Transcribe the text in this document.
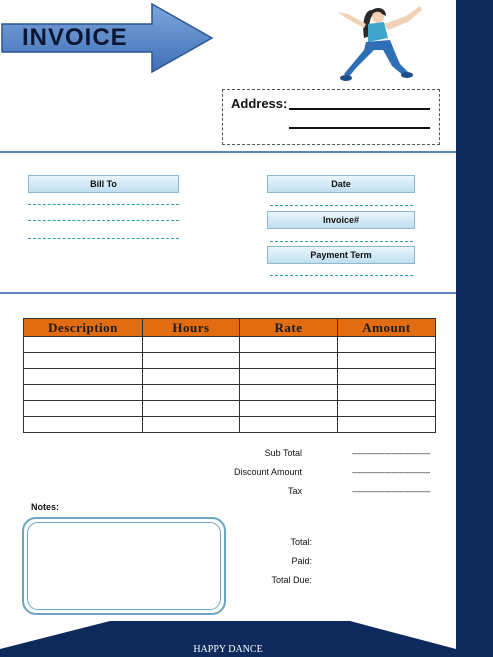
INVOICE
Address:
Bill To	Date
Invoice#
Payment Term
Description	Hours	Rate	Amount

Sub Total	------------------------------------
Discount Amount	------------------------------------
Tax	------------------------------------
Notes:
Total:
Paid:
Total Due:
HAPPY DANCE
